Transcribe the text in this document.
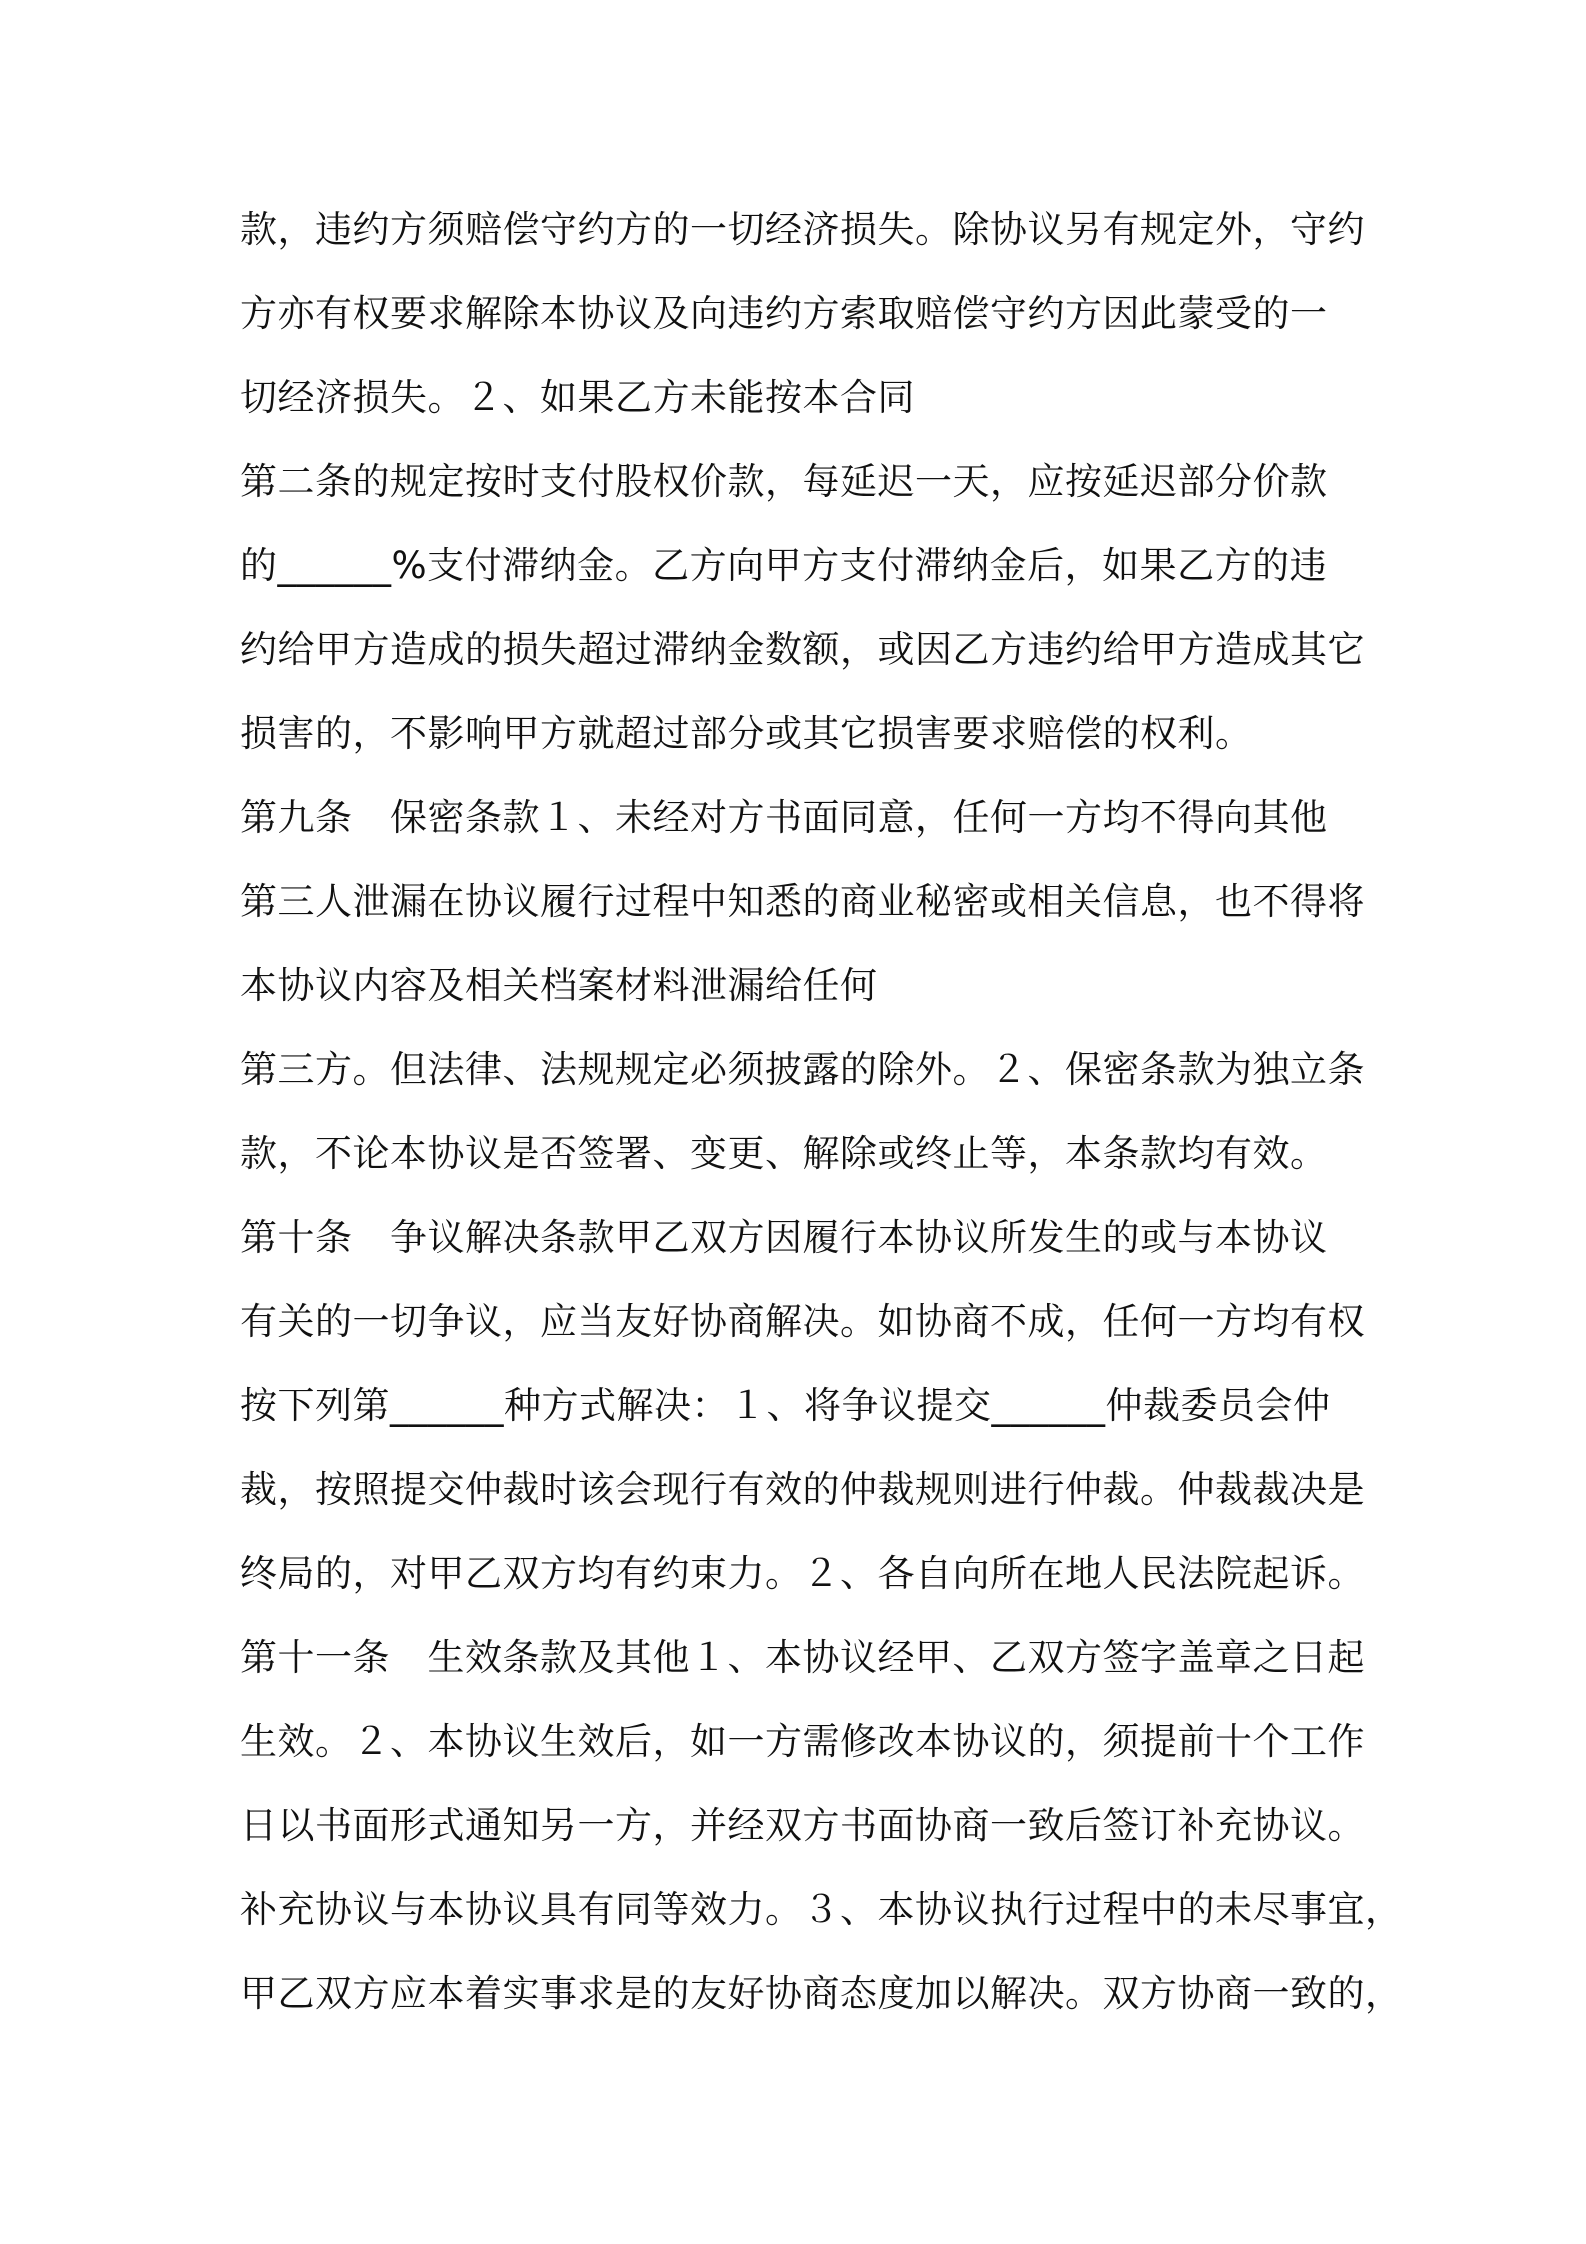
款，违约方须赔偿守约方的一切经济损失。除协议另有规定外，守约
方亦有权要求解除本协议及向违约方索取赔偿守约方因此蒙受的一
切经济损失。２、如果乙方未能按本合同
第二条的规定按时支付股权价款，每延迟一天，应按延迟部分价款
的______%支付滞纳金。乙方向甲方支付滞纳金后，如果乙方的违
约给甲方造成的损失超过滞纳金数额，或因乙方违约给甲方造成其它
损害的，不影响甲方就超过部分或其它损害要求赔偿的权利。
第九条　保密条款１、未经对方书面同意，任何一方均不得向其他
第三人泄漏在协议履行过程中知悉的商业秘密或相关信息，也不得将
本协议内容及相关档案材料泄漏给任何
第三方。但法律、法规规定必须披露的除外。２、保密条款为独立条
款，不论本协议是否签署、变更、解除或终止等，本条款均有效。
第十条　争议解决条款甲乙双方因履行本协议所发生的或与本协议
有关的一切争议，应当友好协商解决。如协商不成，任何一方均有权
按下列第______种方式解决：１、将争议提交______仲裁委员会仲
裁，按照提交仲裁时该会现行有效的仲裁规则进行仲裁。仲裁裁决是
终局的，对甲乙双方均有约束力。２、各自向所在地人民法院起诉。
第十一条　生效条款及其他１、本协议经甲、乙双方签字盖章之日起
生效。２、本协议生效后，如一方需修改本协议的，须提前十个工作
日以书面形式通知另一方，并经双方书面协商一致后签订补充协议。
补充协议与本协议具有同等效力。３、本协议执行过程中的未尽事宜，
甲乙双方应本着实事求是的友好协商态度加以解决。双方协商一致的，
